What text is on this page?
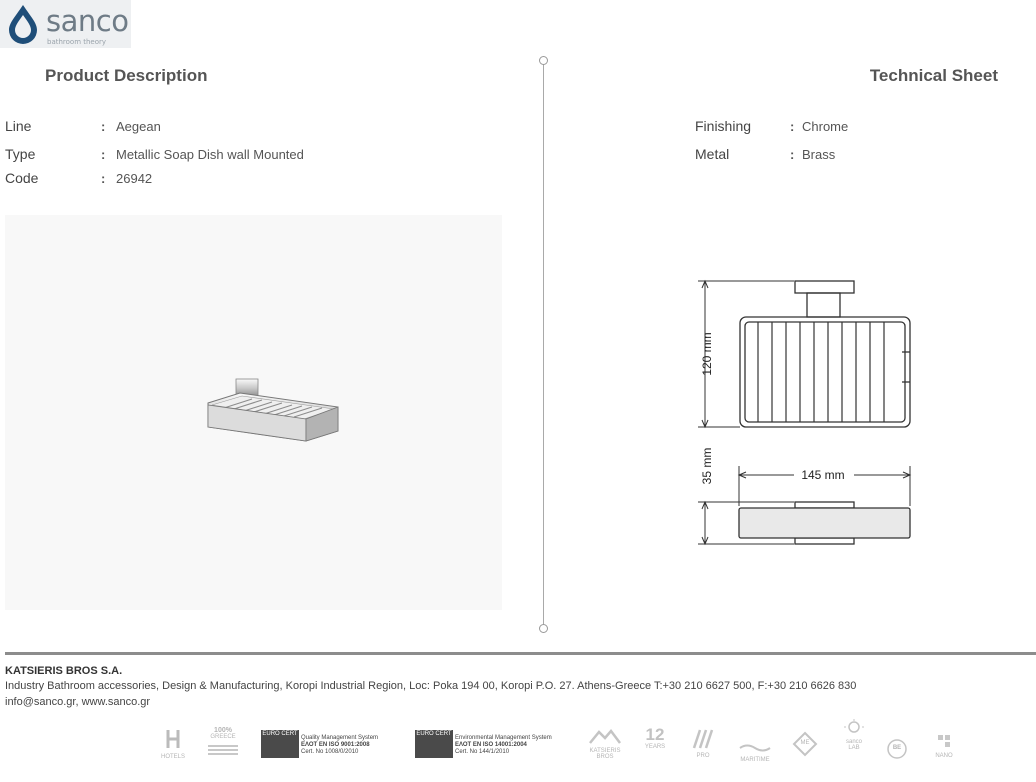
sanco
bathroom theory
Product Description	Technical Sheet
Line	: Aegean
Type	: Metallic Soap Dish wall Mounted
Code	: 26942
Finishing	: Chrome
Metal	: Brass
145 mm
120 mm
35 mm
KATSIERIS BROS S.A.
Industry Bathroom accessories, Design & Manufacturing, Koropi Industrial Region, Loc: Poka 194 00, Koropi P.O. 27. Athens-Greece T:+30 210 6627 500, F:+30 210 6626 830
info@sanco.gr, www.sanco.gr
HOTELS
100%
GREECE	EURO CERT
Quality Management System
ΕΛΟΤ EN ISO 9001:2008
Cert. No 1008/0/2010
EURO CERT
Environmental Management System
ΕΛΟΤ EN ISO 14001:2004
Cert. No 144/1/2010	KATSIERIS BROS
12
YEARS
PRO
MARITIME
ME	sanco LAB	BE
NANO
